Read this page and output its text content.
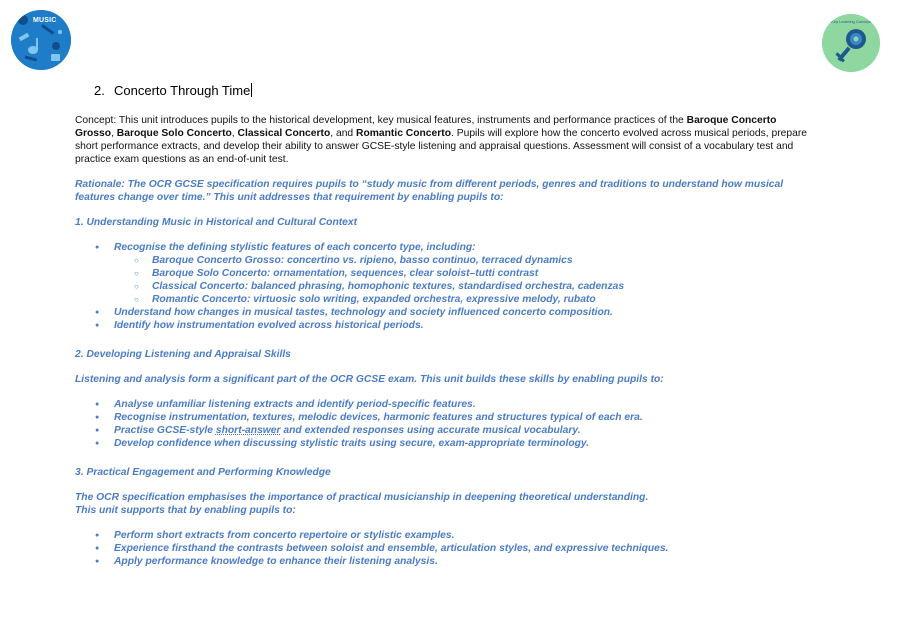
MUSIC	Key Learning Concept
2. Concerto Through Time

Concept: This unit introduces pupils to the historical development, key musical features, instruments and performance practices of the Baroque Concerto Grosso, Baroque Solo Concerto, Classical Concerto, and Romantic Concerto. Pupils will explore how the concerto evolved across musical periods, prepare short performance extracts, and develop their ability to answer GCSE-style listening and appraisal questions. Assessment will consist of a vocabulary test and practice exam questions as an end-of-unit test.

Rationale: The OCR GCSE specification requires pupils to “study music from different periods, genres and traditions to understand how musical features change over time.” This unit addresses that requirement by enabling pupils to:

1. Understanding Music in Historical and Cultural Context

● Recognise the defining stylistic features of each concerto type, including:
○ Baroque Concerto Grosso: concertino vs. ripieno, basso continuo, terraced dynamics
○ Baroque Solo Concerto: ornamentation, sequences, clear soloist–tutti contrast
○ Classical Concerto: balanced phrasing, homophonic textures, standardised orchestra, cadenzas
○ Romantic Concerto: virtuosic solo writing, expanded orchestra, expressive melody, rubato
● Understand how changes in musical tastes, technology and society influenced concerto composition.
● Identify how instrumentation evolved across historical periods.

2. Developing Listening and Appraisal Skills

Listening and analysis form a significant part of the OCR GCSE exam. This unit builds these skills by enabling pupils to:

● Analyse unfamiliar listening extracts and identify period-specific features.
● Recognise instrumentation, textures, melodic devices, harmonic features and structures typical of each era.
● Practise GCSE-style short-answer and extended responses using accurate musical vocabulary.
● Develop confidence when discussing stylistic traits using secure, exam-appropriate terminology.

3. Practical Engagement and Performing Knowledge

The OCR specification emphasises the importance of practical musicianship in deepening theoretical understanding.

This unit supports that by enabling pupils to:

● Perform short extracts from concerto repertoire or stylistic examples.
● Experience firsthand the contrasts between soloist and ensemble, articulation styles, and expressive techniques.
● Apply performance knowledge to enhance their listening analysis.
